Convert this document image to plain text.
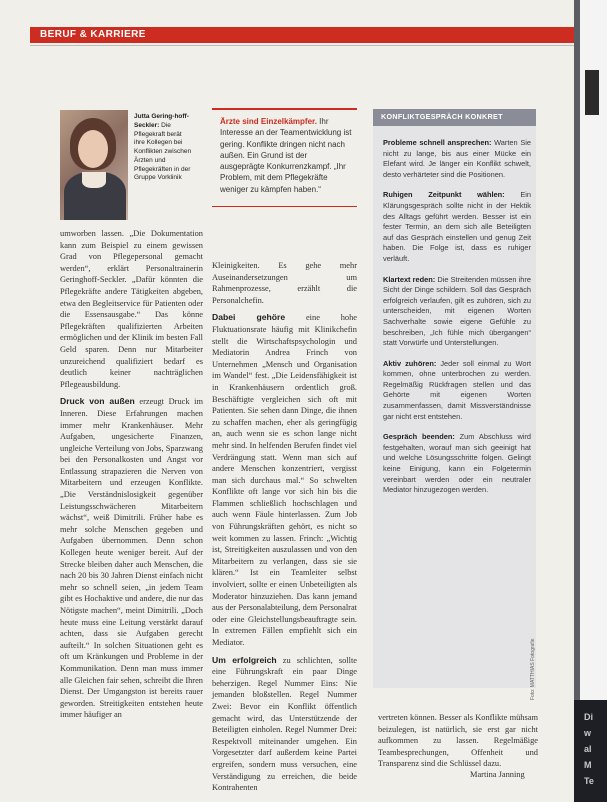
BERUF & KARRIERE
Jutta Gering-hoff-Seckler: Die Pflegekraft berät ihre Kollegen bei Konflikten zwischen Ärzten und Pflegekräften in der Gruppe Vorklinik

umworben lassen. „Die Dokumentation kann zum Beispiel zu einem gewissen Grad von Pflegepersonal gemacht werden“, erklärt Personaltrainerin Geringhoff-Seckler. „Dafür könnten die Pflegekräfte andere Tätigkeiten abgeben, etwa den Begleitservice für Patienten oder die Essensausgabe.“ Das könne Pflegekräften qualifizierten Arbeiten ermöglichen und der Klinik im besten Fall Geld sparen. Denn nur Mitarbeiter unzureichend qualifiziert bedarf es deutlich keiner nachträglichen Pflegeausbildung.

Druck von außen erzeugt Druck im Inneren. Diese Erfahrungen machen immer mehr Krankenhäuser. Mehr Aufgaben, ungesicherte Finanzen, ungleiche Verteilung von Jobs, Sparzwang bei den Personalkosten und Angst vor Entlassung strapazieren die Nerven von Mitarbeitern und erzeugen Konflikte. „Die Verständnislosigkeit gegenüber Leistungsschwächeren Mitarbeitern wächst“, weiß Dimitrili. Früher habe es mehr solche Menschen gegeben und Aufgaben übernommen. Denn schon Kollegen heute weniger bereit. Auf der Strecke bleiben daher auch Menschen, die nach 20 bis 30 Jahren Dienst einfach nicht mehr so schnell seien, „in jedem Team gibt es Hochaktive und andere, die nur das Nötigste machen“, meint Dimitrili. „Doch heute muss eine Leitung verstärkt darauf achten, dass sie Aufgaben gerecht aufteilt.“ In solchen Situationen geht es oft um Kränkungen und Probleme in der Kommunikation. Denn man muss immer alle Gleichen fair sehen, schreibt die Ihren Dienst. Der Umgangston ist bereits rauer geworden. Streitigkeiten entstehen heute immer häufiger an

Ärzte sind Einzelkämpfer. Ihr Interesse an der Teamentwicklung ist gering. Konflikte dringen nicht nach außen. Ein Grund ist der ausgeprägte Konkurrenzkampf. „Ihr Problem, mit dem Pflegekräfte weniger zu kämpfen haben.“

Kleinigkeiten. Es gehe mehr Auseinandersetzungen um Rahmenprozesse, erzählt die Personalchefin.

Dabei gehöre eine hohe Fluktuationsrate häufig mit Klinikchefin stellt die Wirtschaftspsychologin und Mediatorin Andrea Frinch von Unternehmen „Mensch und Organisation im Wandel“ fest. „Die Leidensfähigkeit ist in Krankenhäusern ordentlich groß. Beschäftigte vergleichen sich oft mit Patienten. Sie sehen dann Dinge, die ihnen zu schaffen machen, eher als geringfügig an, auch wenn sie es schon lange nicht mehr sind. In helfenden Berufen findet viel Verdrängung statt. Wenn man sich auf andere Menschen konzentriert, vergisst man sich durchaus mal.“ So schwelten Konflikte oft lange vor sich hin bis die Flammen schließlich hochschlagen und auch wenn Fäule hinterlassen. Zum Job von Führungskräften gehört, es nicht so weit kommen zu lassen. Frinch: „Wichtig ist, Streitigkeiten auszulassen und von den Mitarbeitern zu verlangen, dass sie sie klären.“ Ist ein Teamleiter selbst involviert, sollte er einen Unbeteiligten als Moderator hinzuziehen. Das kann jemand aus der Personalabteilung, dem Personalrat oder eine Gleichstellungsbeauftragte sein. In extremen Fällen empfiehlt sich ein Mediator.

Um erfolgreich zu schlichten, sollte eine Führungskraft ein paar Dinge beherzigen. Regel Nummer Eins: Nie jemanden bloßstellen. Regel Nummer Zwei: Bevor ein Konflikt öffentlich gemacht wird, das Unterstützende der Beteiligten einholen. Regel Nummer Drei: Respektvoll miteinander umgehen. Ein Vorgesetzter darf außerdem keine Partei ergreifen, sondern muss versuchen, eine Verständigung zu erreichen, die beide Kontrahenten

KONFLIKTGESPRÄCH KONKRET

Probleme schnell ansprechen: Warten Sie nicht zu lange, bis aus einer Mücke ein Elefant wird. Je länger ein Konflikt schwelt, desto verhärteter sind die Positionen.

Ruhigen Zeitpunkt wählen: Ein Klärungsgespräch sollte nicht in der Hektik des Alltags geführt werden. Besser ist ein fester Termin, an dem sich alle Beteiligten auf das Gespräch einstellen und genug Zeit haben. Die Folge ist, dass es ruhiger verläuft.

Klartext reden: Die Streitenden müssen ihre Sicht der Dinge schildern. Soll das Gespräch erfolgreich verlaufen, gilt es zuhören, sich zu unterscheiden, mit eigenen Worten Sachverhalte sowie eigene Gefühle zu beschreiben, „Ich fühle mich übergangen“ statt Vorwürfe und Unterstellungen.

Aktiv zuhören: Jeder soll einmal zu Wort kommen, ohne unterbrochen zu werden. Regelmäßig Rückfragen stellen und das Gehörte mit eigenen Worten zusammenfassen, damit Missverständnisse gar nicht erst entstehen.

Gespräch beenden: Zum Abschluss wird festgehalten, worauf man sich geeinigt hat und welche Lösungsschritte folgen. Gelingt keine Einigung, kann ein Folgetermin vereinbart werden oder ein neutraler Mediator hinzugezogen werden.

vertreten können. Besser als Konflikte mühsam beizulegen, ist natürlich, sie erst gar nicht aufkommen zu lassen. Regelmäßige Teambesprechungen, Offenheit und Transparenz sind die Schlüssel dazu.

Martina Janning
Foto: MATTHIAS Fotografie
Di
w
al
M
Te
